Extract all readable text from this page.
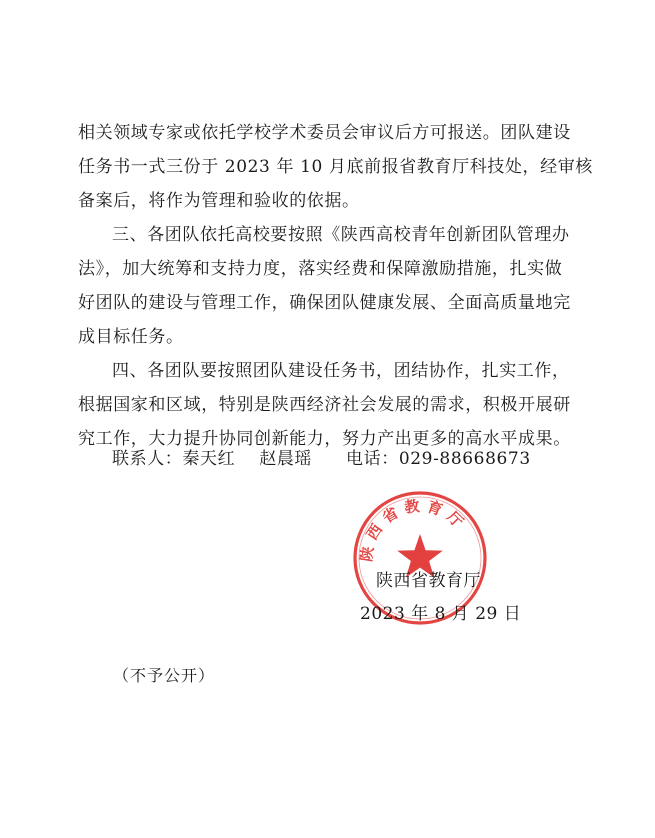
相关领域专家或依托学校学术委员会审议后方可报送。团队建设
任务书一式三份于 2023 年 10 月底前报省教育厅科技处，经审核
备案后，将作为管理和验收的依据。
三、各团队依托高校要按照《陕西高校青年创新团队管理办
法》，加大统筹和支持力度，落实经费和保障激励措施，扎实做
好团队的建设与管理工作，确保团队健康发展、全面高质量地完
成目标任务。
四、各团队要按照团队建设任务书，团结协作，扎实工作，
根据国家和区域，特别是陕西经济社会发展的需求，积极开展研
究工作，大力提升协同创新能力，努力产出更多的高水平成果。
联系人：秦天红    赵晨瑶 电话：029-88668673
陕西省教育厅
陕西省教育厅
2023 年 8 月 29 日
（不予公开）
